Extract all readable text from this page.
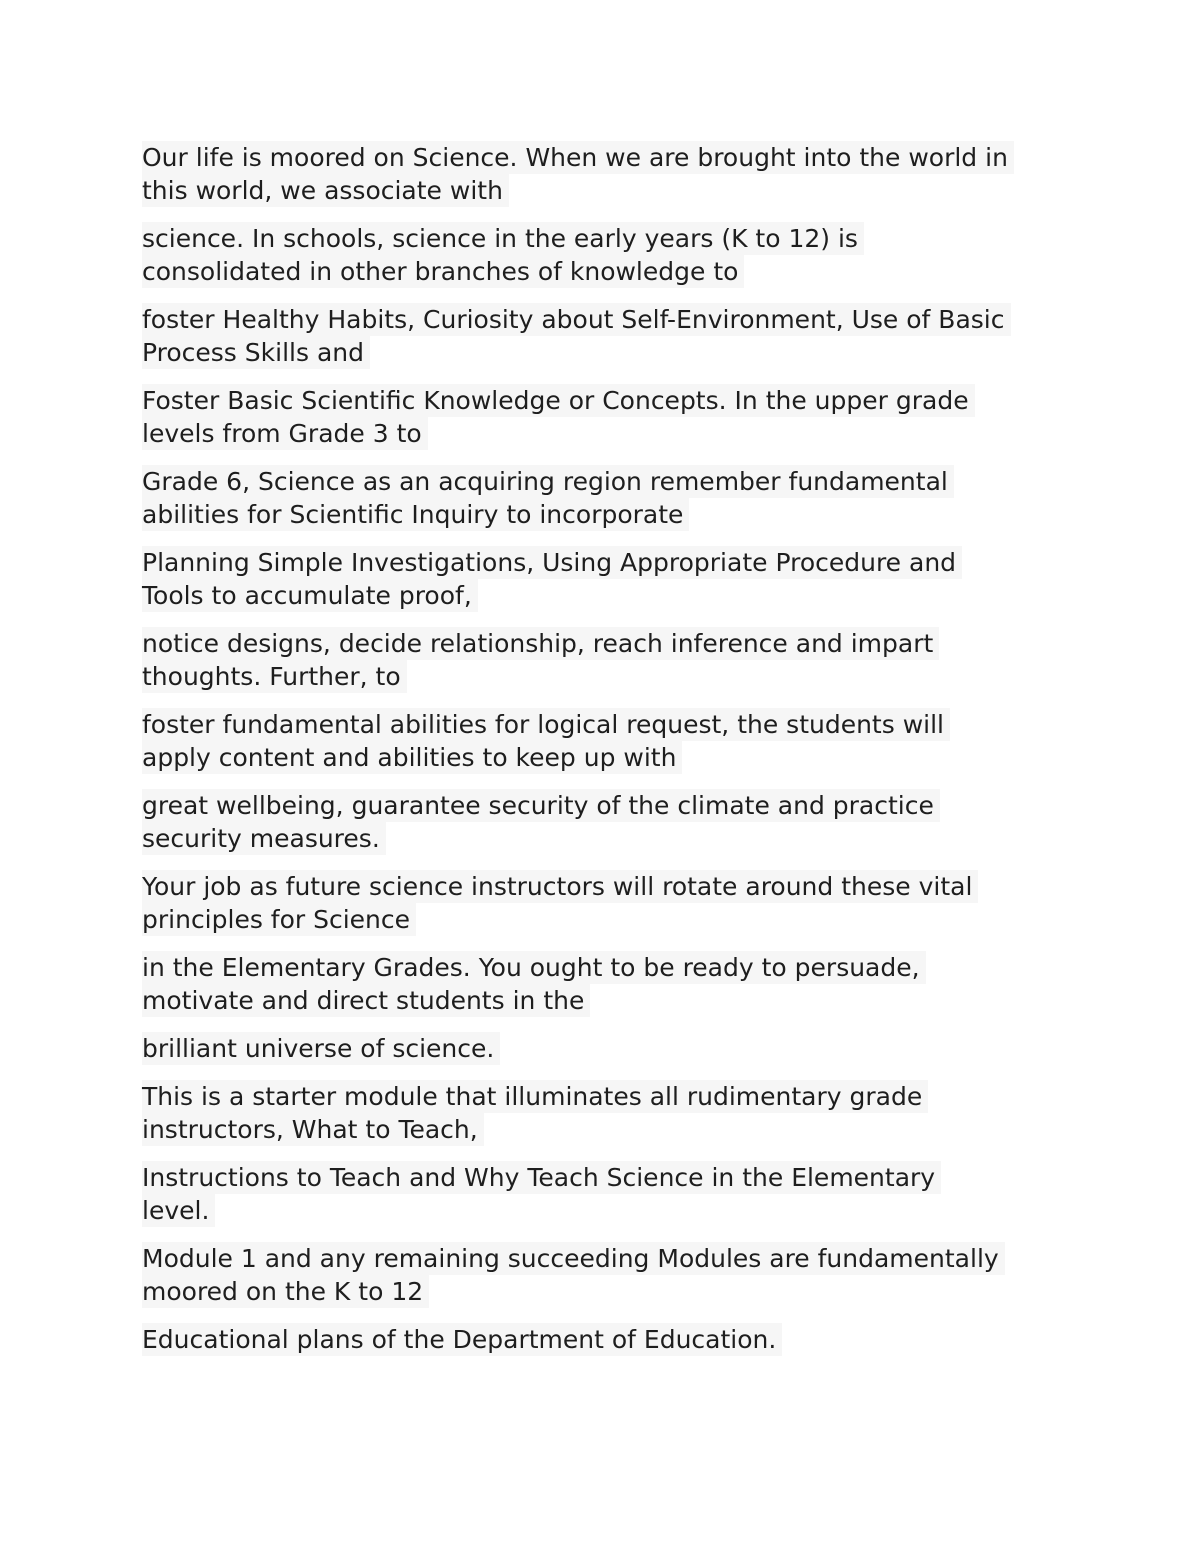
Our life is moored on Science. When we are brought into the world in
this world, we associate with

science. In schools, science in the early years (K to 12) is
consolidated in other branches of knowledge to

foster Healthy Habits, Curiosity about Self-Environment, Use of Basic
Process Skills and

Foster Basic Scientific Knowledge or Concepts. In the upper grade
levels from Grade 3 to

Grade 6, Science as an acquiring region remember fundamental
abilities for Scientific Inquiry to incorporate

Planning Simple Investigations, Using Appropriate Procedure and
Tools to accumulate proof,

notice designs, decide relationship, reach inference and impart
thoughts. Further, to

foster fundamental abilities for logical request, the students will
apply content and abilities to keep up with

great wellbeing, guarantee security of the climate and practice
security measures.

Your job as future science instructors will rotate around these vital
principles for Science

in the Elementary Grades. You ought to be ready to persuade,
motivate and direct students in the

brilliant universe of science.

This is a starter module that illuminates all rudimentary grade
instructors, What to Teach,

Instructions to Teach and Why Teach Science in the Elementary
level.

Module 1 and any remaining succeeding Modules are fundamentally
moored on the K to 12

Educational plans of the Department of Education.
